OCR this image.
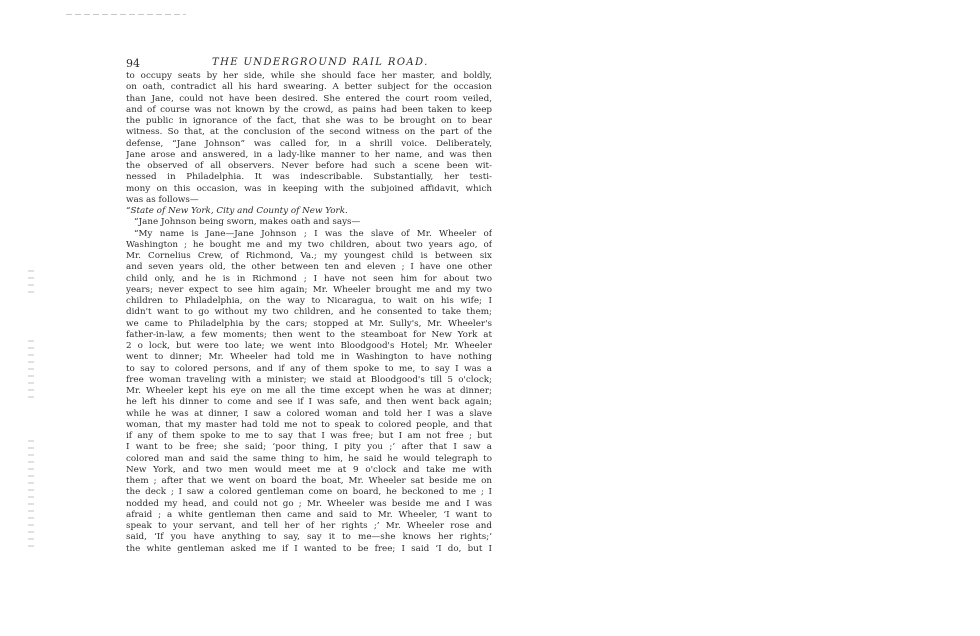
94	THE UNDERGROUND RAIL ROAD.
to occupy seats by her side, while she should face her master, and boldly,
on oath, contradict all his hard swearing. A better subject for the occasion
than Jane, could not have been desired. She entered the court room veiled,
and of course was not known by the crowd, as pains had been taken to keep
the public in ignorance of the fact, that she was to be brought on to bear
witness. So that, at the conclusion of the second witness on the part of the
defense, “Jane Johnson” was called for, in a shrill voice. Deliberately,
Jane arose and answered, in a lady-like manner to her name, and was then
the observed of all observers. Never before had such a scene been wit-
nessed in Philadelphia. It was indescribable. Substantially, her testi-
mony on this occasion, was in keeping with the subjoined affidavit, which
was as follows—
“State of New York, City and County of New York.
“Jane Johnson being sworn, makes oath and says—
“My name is Jane—Jane Johnson ; I was the slave of Mr. Wheeler of
Washington ; he bought me and my two children, about two years ago, of
Mr. Cornelius Crew, of Richmond, Va.; my youngest child is between six
and seven years old, the other between ten and eleven ; I have one other
child only, and he is in Richmond ; I have not seen him for about two
years; never expect to see him again; Mr. Wheeler brought me and my two
children to Philadelphia, on the way to Nicaragua, to wait on his wife; I
didn't want to go without my two children, and he consented to take them;
we came to Philadelphia by the cars; stopped at Mr. Sully's, Mr. Wheeler's
father-in-law, a few moments; then went to the steamboat for New York at
2 o lock, but were too late; we went into Bloodgood's Hotel; Mr. Wheeler
went to dinner; Mr. Wheeler had told me in Washington to have nothing
to say to colored persons, and if any of them spoke to me, to say I was a
free woman traveling with a minister; we staid at Bloodgood's till 5 o'clock;
Mr. Wheeler kept his eye on me all the time except when he was at dinner;
he left his dinner to come and see if I was safe, and then went back again;
while he was at dinner, I saw a colored woman and told her I was a slave
woman, that my master had told me not to speak to colored people, and that
if any of them spoke to me to say that I was free; but I am not free ; but
I want to be free; she said; ‘poor thing, I pity you ;’ after that I saw a
colored man and said the same thing to him, he said he would telegraph to
New York, and two men would meet me at 9 o'clock and take me with
them ; after that we went on board the boat, Mr. Wheeler sat beside me on
the deck ; I saw a colored gentleman come on board, he beckoned to me ; I
nodded my head, and could not go ; Mr. Wheeler was beside me and I was
afraid ; a white gentleman then came and said to Mr. Wheeler, ‘I want to
speak to your servant, and tell her of her rights ;’ Mr. Wheeler rose and
said, ‘If you have anything to say, say it to me—she knows her rights;’
the white gentleman asked me if I wanted to be free; I said ‘I do, but I
